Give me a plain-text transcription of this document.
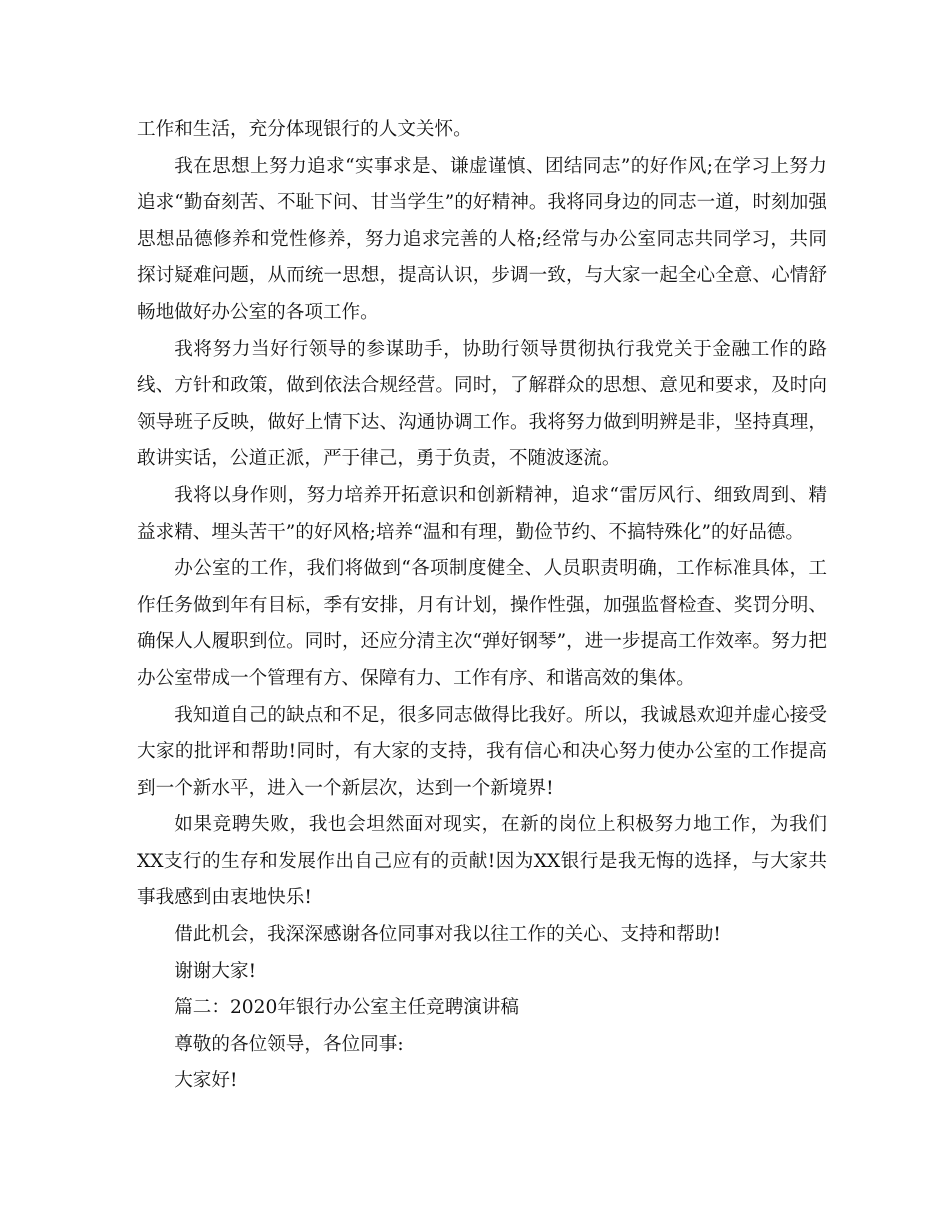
工作和生活，充分体现银行的人文关怀。

我在思想上努力追求“实事求是、谦虚谨慎、团结同志”的好作风;在学习上努力追求“勤奋刻苦、不耻下问、甘当学生”的好精神。我将同身边的同志一道，时刻加强思想品德修养和党性修养，努力追求完善的人格;经常与办公室同志共同学习，共同探讨疑难问题，从而统一思想，提高认识，步调一致，与大家一起全心全意、心情舒畅地做好办公室的各项工作。

我将努力当好行领导的参谋助手，协助行领导贯彻执行我党关于金融工作的路线、方针和政策，做到依法合规经营。同时，了解群众的思想、意见和要求，及时向领导班子反映，做好上情下达、沟通协调工作。我将努力做到明辨是非，坚持真理，敢讲实话，公道正派，严于律己，勇于负责，不随波逐流。

我将以身作则，努力培养开拓意识和创新精神，追求“雷厉风行、细致周到、精益求精、埋头苦干”的好风格;培养“温和有理，勤俭节约、不搞特殊化”的好品德。

办公室的工作，我们将做到“各项制度健全、人员职责明确，工作标准具体，工作任务做到年有目标，季有安排，月有计划，操作性强，加强监督检查、奖罚分明、确保人人履职到位。同时，还应分清主次“弹好钢琴”，进一步提高工作效率。努力把办公室带成一个管理有方、保障有力、工作有序、和谐高效的集体。

我知道自己的缺点和不足，很多同志做得比我好。所以，我诚恳欢迎并虚心接受大家的批评和帮助!同时，有大家的支持，我有信心和决心努力使办公室的工作提高到一个新水平，进入一个新层次，达到一个新境界!

如果竞聘失败，我也会坦然面对现实，在新的岗位上积极努力地工作，为我们XX支行的生存和发展作出自己应有的贡献!因为XX银行是我无悔的选择，与大家共事我感到由衷地快乐!

借此机会，我深深感谢各位同事对我以往工作的关心、支持和帮助!

谢谢大家!

篇二：2020年银行办公室主任竞聘演讲稿

尊敬的各位领导，各位同事:

大家好!
